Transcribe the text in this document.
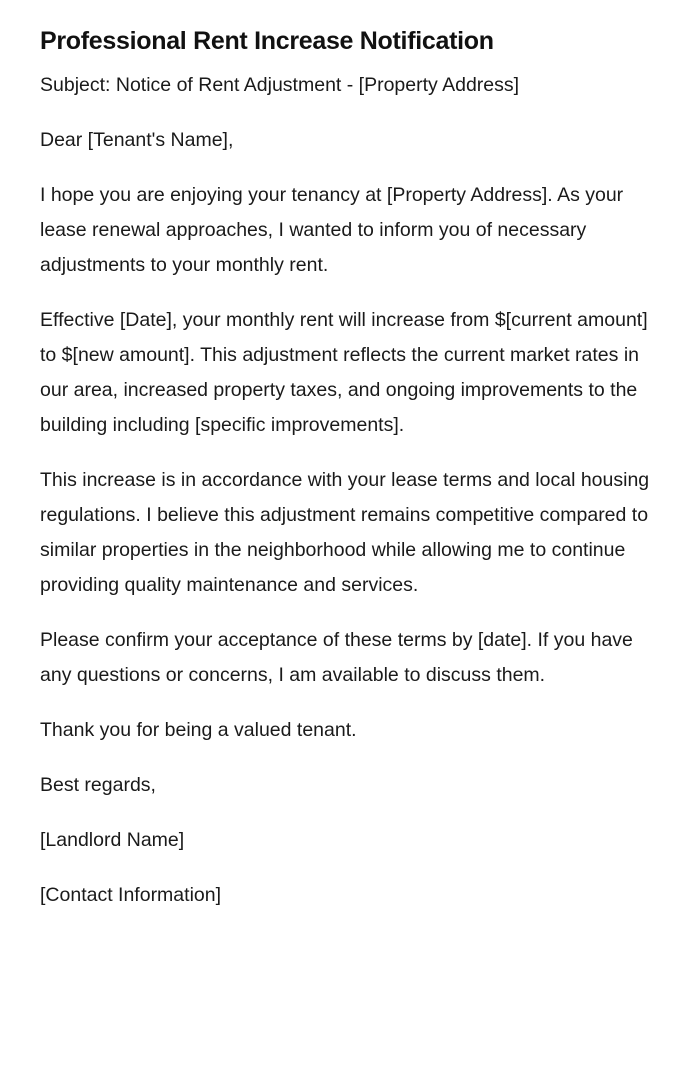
Professional Rent Increase Notification

Subject: Notice of Rent Adjustment - [Property Address]

Dear [Tenant's Name],

I hope you are enjoying your tenancy at [Property Address]. As your lease renewal approaches, I wanted to inform you of necessary adjustments to your monthly rent.

Effective [Date], your monthly rent will increase from $[current amount] to $[new amount]. This adjustment reflects the current market rates in our area, increased property taxes, and ongoing improvements to the building including [specific improvements].

This increase is in accordance with your lease terms and local housing regulations. I believe this adjustment remains competitive compared to similar properties in the neighborhood while allowing me to continue providing quality maintenance and services.

Please confirm your acceptance of these terms by [date]. If you have any questions or concerns, I am available to discuss them.

Thank you for being a valued tenant.

Best regards,

[Landlord Name]

[Contact Information]
